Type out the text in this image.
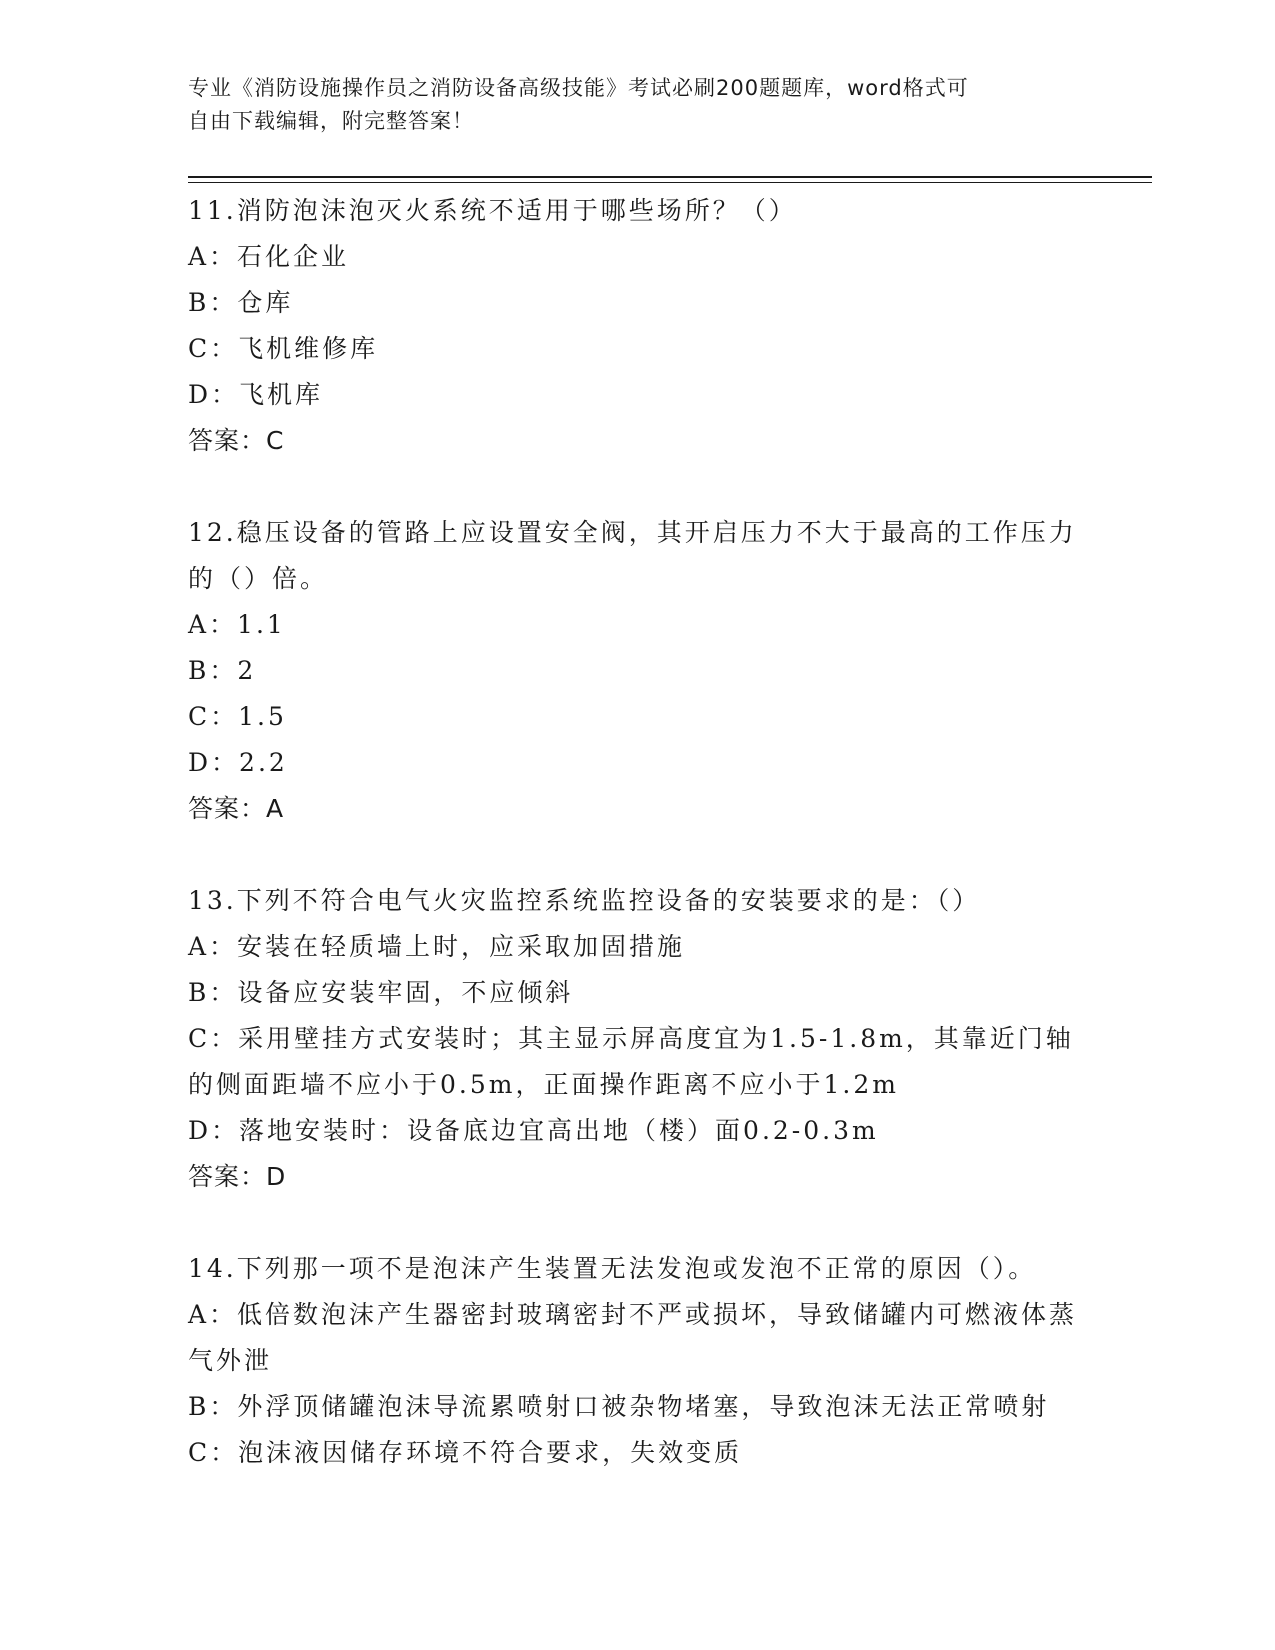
专业《消防设施操作员之消防设备高级技能》考试必刷200题题库，word格式可
自由下载编辑，附完整答案！
11.消防泡沫泡灭火系统不适用于哪些场所？（）
A：石化企业
B：仓库
C：飞机维修库
D：飞机库
答案：C
12.稳压设备的管路上应设置安全阀，其开启压力不大于最高的工作压力的（）倍。
A：1.1
B：2
C：1.5
D：2.2
答案：A
13.下列不符合电气火灾监控系统监控设备的安装要求的是：（）
A：安装在轻质墙上时，应采取加固措施
B：设备应安装牢固，不应倾斜
C：采用壁挂方式安装时；其主显示屏高度宜为1.5-1.8m，其靠近门轴的侧面距墙不应小于0.5m，正面操作距离不应小于1.2m
D：落地安装时：设备底边宜高出地（楼）面0.2-0.3m
答案：D
14.下列那一项不是泡沫产生装置无法发泡或发泡不正常的原因（）。
A：低倍数泡沫产生器密封玻璃密封不严或损坏，导致储罐内可燃液体蒸气外泄
B：外浮顶储罐泡沫导流累喷射口被杂物堵塞，导致泡沫无法正常喷射
C：泡沫液因储存环境不符合要求，失效变质
